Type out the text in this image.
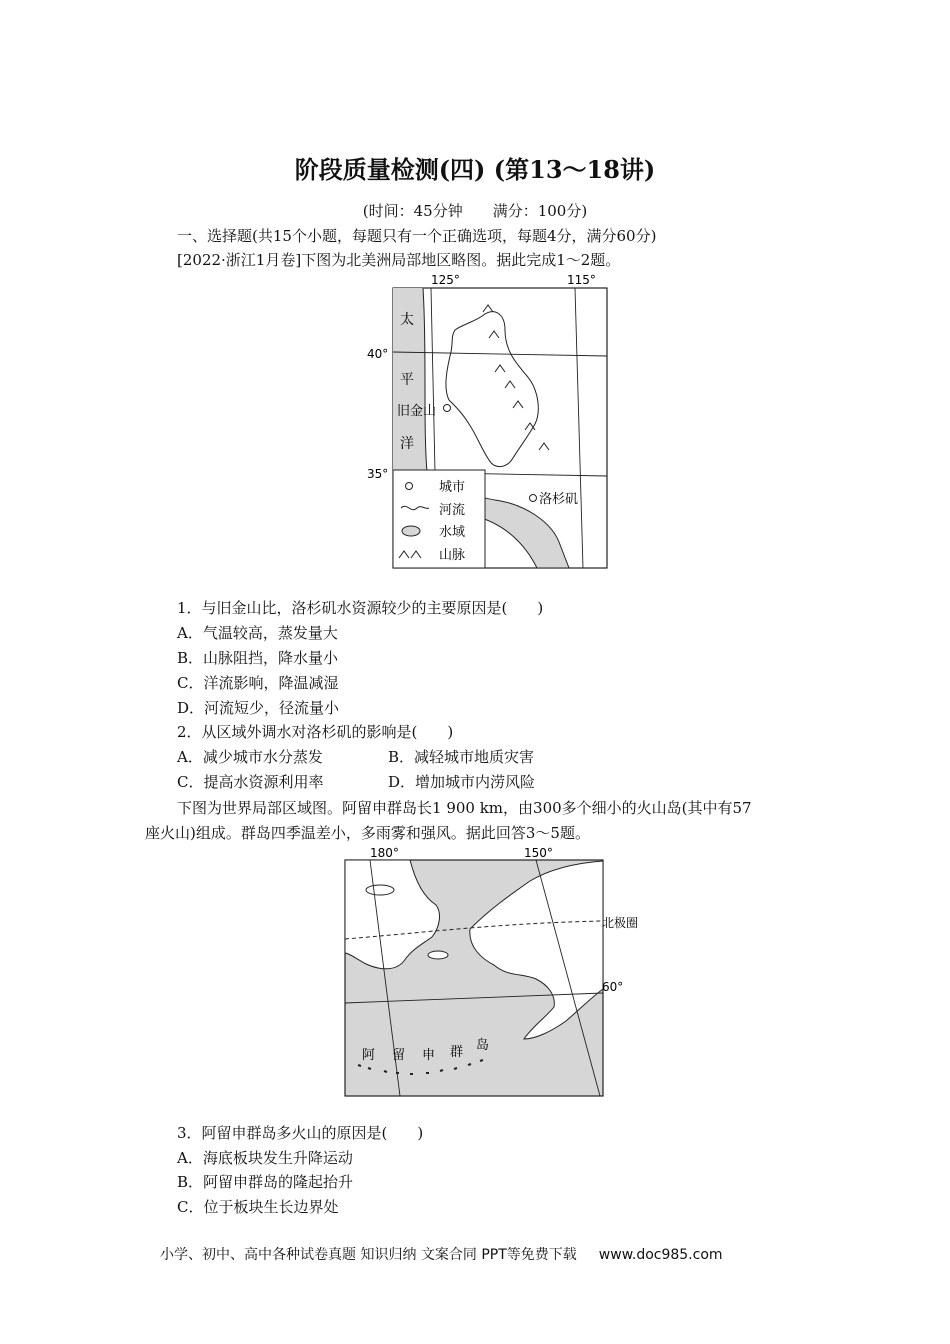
阶段质量检测(四) (第13～18讲)
(时间：45分钟　　满分：100分)
一、选择题(共15个小题，每题只有一个正确选项，每题4分，满分60分)
[2022·浙江1月卷]下图为北美洲局部地区略图。据此完成1～2题。
125°	115°
40°
35°
太
平
洋
旧金山
洛杉矶
城市
河流
水域
山脉
1．与旧金山比，洛杉矶水资源较少的主要原因是(　　)
A．气温较高，蒸发量大
B．山脉阻挡，降水量小
C．洋流影响，降温减湿
D．河流短少，径流量小
2．从区域外调水对洛杉矶的影响是(　　)
A．减少城市水分蒸发	B．减轻城市地质灾害
C．提高水资源利用率	D．增加城市内涝风险
下图为世界局部区域图。阿留申群岛长1 900 km，由300多个细小的火山岛(其中有57
座火山)组成。群岛四季温差小，多雨雾和强风。据此回答3～5题。
180°	150°
北极圈
60°
阿 留 申 群 岛
3．阿留申群岛多火山的原因是(　　)
A．海底板块发生升降运动
B．阿留申群岛的隆起抬升
C．位于板块生长边界处
小学、初中、高中各种试卷真题 知识归纳 文案合同 PPT等免费下载 www.doc985.com
